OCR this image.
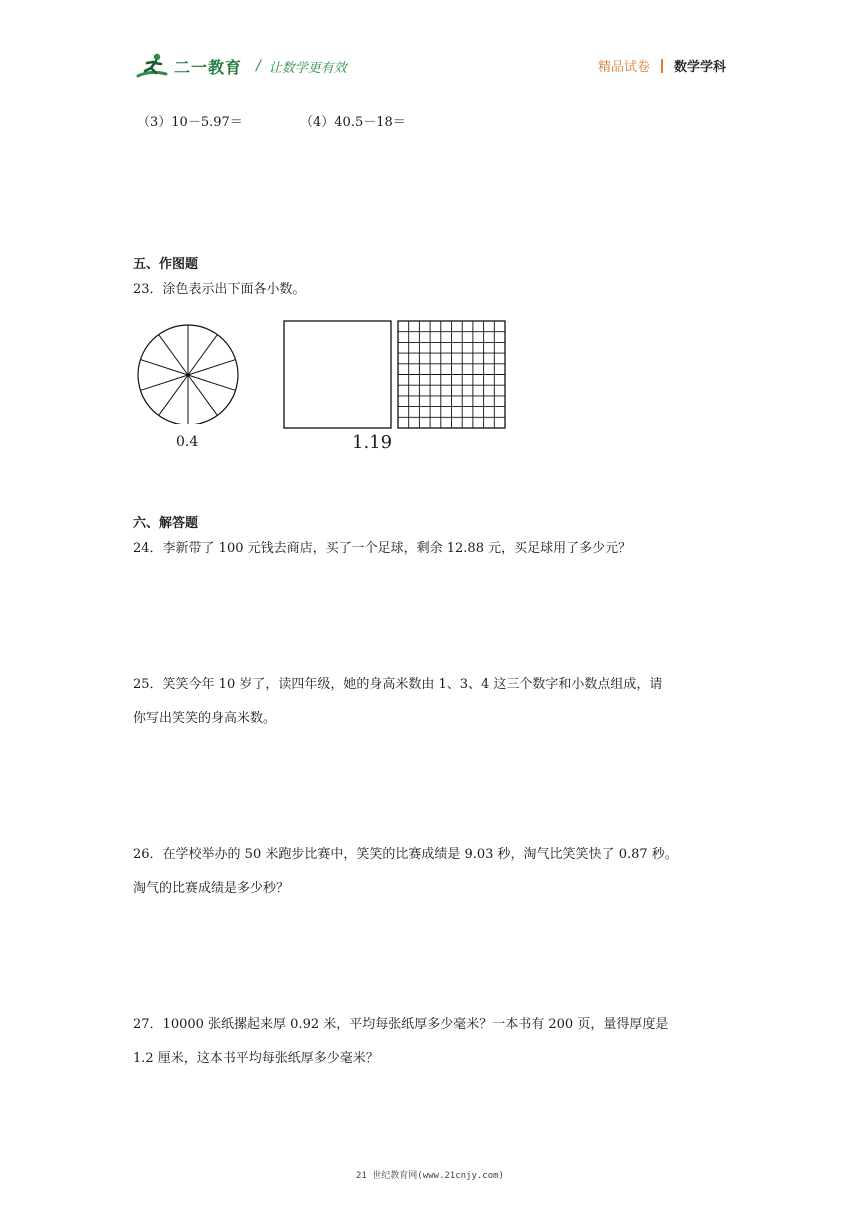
二一教育 / 让数学更有效	精品试卷 数学学科
（3）10－5.97＝	（4）40.5－18＝
五、作图题
23．涂色表示出下面各小数。
0.4	1.19
六、解答题
24．李新带了 100 元钱去商店，买了一个足球，剩余 12.88 元，买足球用了多少元？
25．笑笑今年 10 岁了，读四年级，她的身高米数由 1、3、4 这三个数字和小数点组成，请
你写出笑笑的身高米数。
26．在学校举办的 50 米跑步比赛中，笑笑的比赛成绩是 9.03 秒，淘气比笑笑快了 0.87 秒。
淘气的比赛成绩是多少秒？
27．10000 张纸摞起来厚 0.92 米，平均每张纸厚多少毫米？一本书有 200 页，量得厚度是
1.2 厘米，这本书平均每张纸厚多少毫米？
21 世纪教育网(www.21cnjy.com)
